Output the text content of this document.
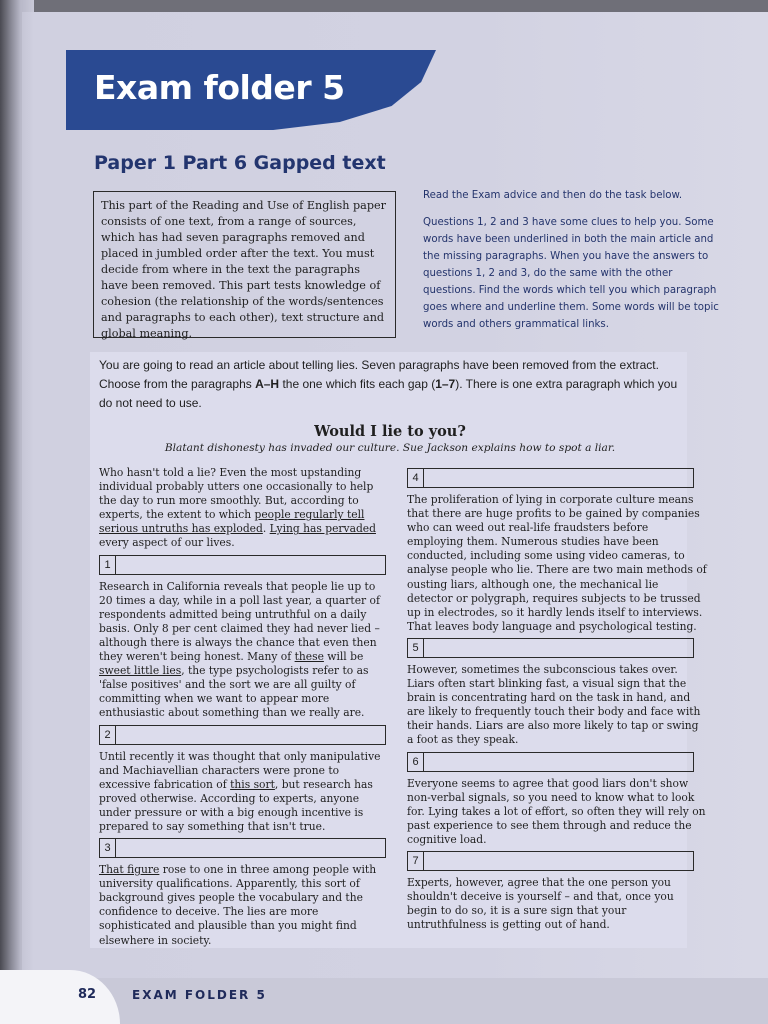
Exam folder 5
Paper 1 Part 6 Gapped text
This part of the Reading and Use of English paper consists of one text, from a range of sources, which has had seven paragraphs removed and placed in jumbled order after the text. You must decide from where in the text the paragraphs have been removed. This part tests knowledge of cohesion (the relationship of the words/sentences and paragraphs to each other), text structure and global meaning.

Read the Exam advice and then do the task below.

Questions 1, 2 and 3 have some clues to help you. Some words have been underlined in both the main article and the missing paragraphs. When you have the answers to questions 1, 2 and 3, do the same with the other questions. Find the words which tell you which paragraph goes where and underline them. Some words will be topic words and others grammatical links.

You are going to read an article about telling lies. Seven paragraphs have been removed from the extract. Choose from the paragraphs A–H the one which fits each gap (1–7). There is one extra paragraph which you do not need to use.
Would I lie to you?
Blatant dishonesty has invaded our culture. Sue Jackson explains how to spot a liar.

Who hasn't told a lie? Even the most upstanding individual probably utters one occasionally to help the day to run more smoothly. But, according to experts, the extent to which people regularly tell serious untruths has exploded. Lying has pervaded every aspect of our lives.

1

Research in California reveals that people lie up to 20 times a day, while in a poll last year, a quarter of respondents admitted being untruthful on a daily basis. Only 8 per cent claimed they had never lied – although there is always the chance that even then they weren't being honest. Many of these will be sweet little lies, the type psychologists refer to as 'false positives' and the sort we are all guilty of committing when we want to appear more enthusiastic about something than we really are.

2

Until recently it was thought that only manipulative and Machiavellian characters were prone to excessive fabrication of this sort, but research has proved otherwise. According to experts, anyone under pressure or with a big enough incentive is prepared to say something that isn't true.

3

That figure rose to one in three among people with university qualifications. Apparently, this sort of background gives people the vocabulary and the confidence to deceive. The lies are more sophisticated and plausible than you might find elsewhere in society.

4

The proliferation of lying in corporate culture means that there are huge profits to be gained by companies who can weed out real-life fraudsters before employing them. Numerous studies have been conducted, including some using video cameras, to analyse people who lie. There are two main methods of ousting liars, although one, the mechanical lie detector or polygraph, requires subjects to be trussed up in electrodes, so it hardly lends itself to interviews. That leaves body language and psychological testing.

5

However, sometimes the subconscious takes over. Liars often start blinking fast, a visual sign that the brain is concentrating hard on the task in hand, and are likely to frequently touch their body and face with their hands. Liars are also more likely to tap or swing a foot as they speak.

6

Everyone seems to agree that good liars don't show non-verbal signals, so you need to know what to look for. Lying takes a lot of effort, so often they will rely on past experience to see them through and reduce the cognitive load.

7

Experts, however, agree that the one person you shouldn't deceive is yourself – and that, once you begin to do so, it is a sure sign that your untruthfulness is getting out of hand.

82	EXAM FOLDER 5
